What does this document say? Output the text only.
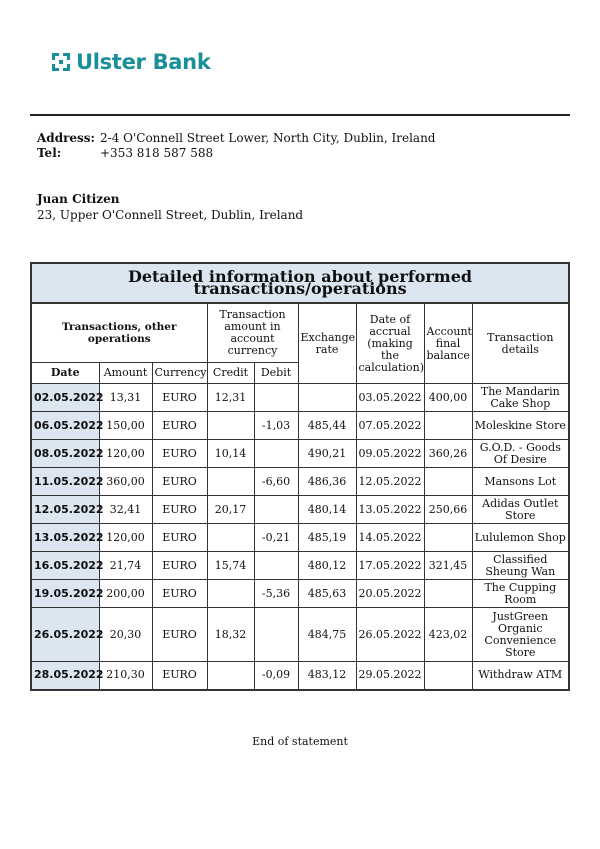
Ulster Bank
Address: 2-4 O'Connell Street Lower, North City, Dublin, Ireland
Tel:	+353 818 587 588
Juan Citizen
23, Upper O'Connell Street, Dublin, Ireland
Detailed information about performed transactions/operations								
Transactions, other operations			Transaction amount in account currency		Exchange rate	Date of accrual (making the calculation)	Account final balance	Transaction details
Date	Amount	Currency	Credit	Debit				
02.05.2022	13,31	EURO	12,31			03.05.2022	400,00	The Mandarin Cake Shop
06.05.2022	150,00	EURO		-1,03	485,44	07.05.2022		Moleskine Store
08.05.2022	120,00	EURO	10,14		490,21	09.05.2022	360,26	G.O.D. - Goods Of Desire
11.05.2022	360,00	EURO		-6,60	486,36	12.05.2022		Mansons Lot
12.05.2022	32,41	EURO	20,17		480,14	13.05.2022	250,66	Adidas Outlet Store
13.05.2022	120,00	EURO		-0,21	485,19	14.05.2022		Lululemon Shop
16.05.2022	21,74	EURO	15,74		480,12	17.05.2022	321,45	Classified Sheung Wan
19.05.2022	200,00	EURO		-5,36	485,63	20.05.2022		The Cupping Room
26.05.2022	20,30	EURO	18,32		484,75	26.05.2022	423,02	JustGreen Organic Convenience Store
28.05.2022	210,30	EURO		-0,09	483,12	29.05.2022		Withdraw ATM
End of statement
